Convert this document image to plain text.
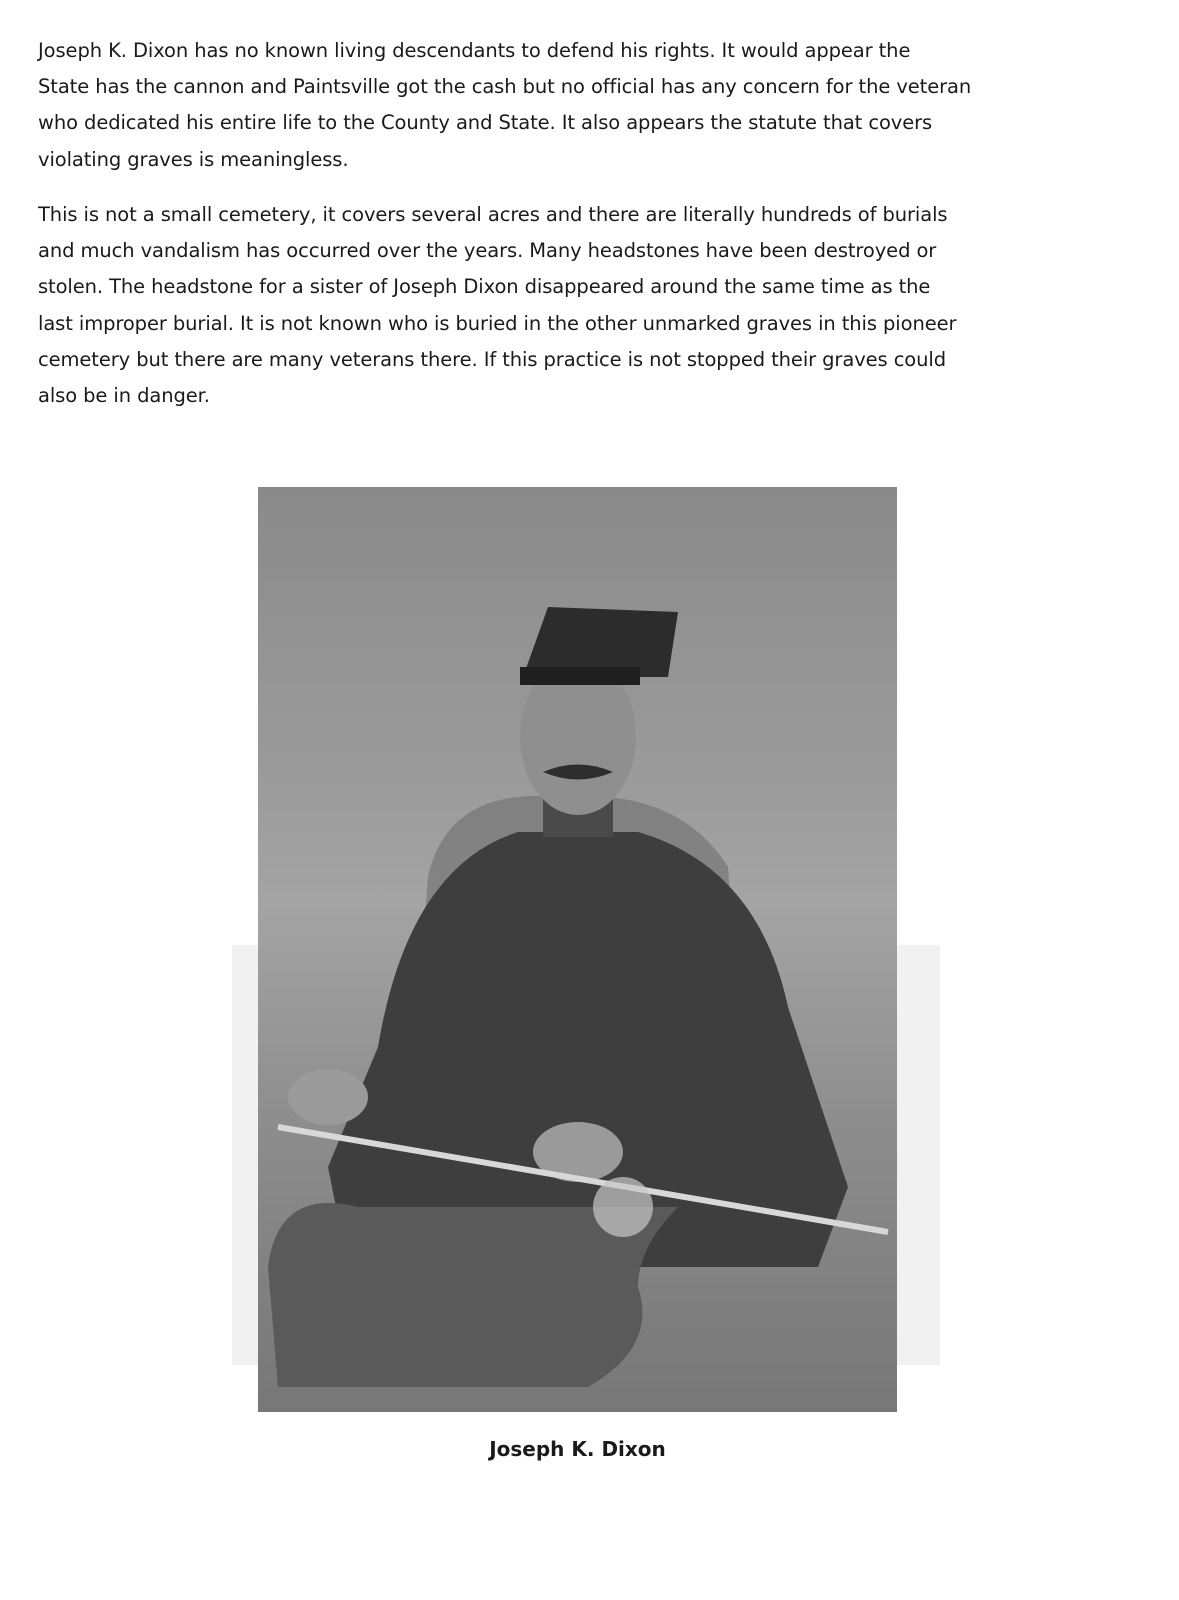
Joseph K. Dixon has no known living descendants to defend his rights. It would appear the
State has the cannon and Paintsville got the cash but no official has any concern for the veteran
who dedicated his entire life to the County and State. It also appears the statute that covers
violating graves is meaningless.
This is not a small cemetery, it covers several acres and there are literally hundreds of burials
and much vandalism has occurred over the years. Many headstones have been destroyed or
stolen. The headstone for a sister of Joseph Dixon disappeared around the same time as the
last improper burial. It is not known who is buried in the other unmarked graves in this pioneer
cemetery but there are many veterans there. If this practice is not stopped their graves could
also be in danger.
Joseph K. Dixon
